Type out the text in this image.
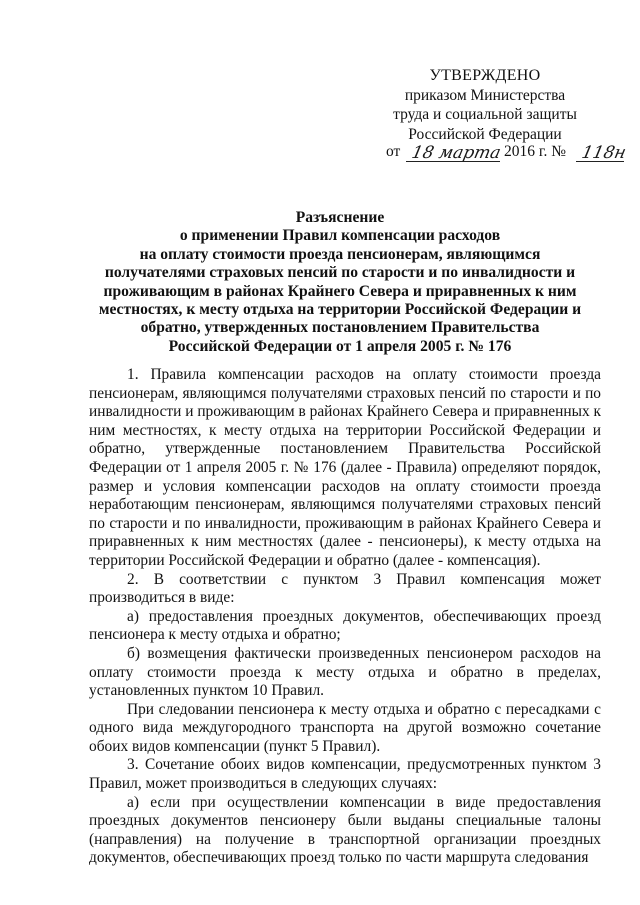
УТВЕРЖДЕНО
приказом Министерства
труда и социальной защиты
Российской Федерации
от 18 марта 2016 г. № 118н
Разъяснение
о применении Правил компенсации расходов
на оплату стоимости проезда пенсионерам, являющимся
получателями страховых пенсий по старости и по инвалидности и
проживающим в районах Крайнего Севера и приравненных к ним
местностях, к месту отдыха на территории Российской Федерации и
обратно, утвержденных постановлением Правительства
Российской Федерации от 1 апреля 2005 г. № 176

1. Правила компенсации расходов на оплату стоимости проезда пенсионерам, являющимся получателями страховых пенсий по старости и по инвалидности и проживающим в районах Крайнего Севера и приравненных к ним местностях, к месту отдыха на территории Российской Федерации и обратно, утвержденные постановлением Правительства Российской Федерации от 1 апреля 2005 г. № 176 (далее - Правила) определяют порядок, размер и условия компенсации расходов на оплату стоимости проезда неработающим пенсионерам, являющимся получателями страховых пенсий по старости и по инвалидности, проживающим в районах Крайнего Севера и приравненных к ним местностях (далее - пенсионеры), к месту отдыха на территории Российской Федерации и обратно (далее - компенсация).

2. В соответствии с пунктом 3 Правил компенсация может производиться в виде:

а) предоставления проездных документов, обеспечивающих проезд пенсионера к месту отдыха и обратно;

б) возмещения фактически произведенных пенсионером расходов на оплату стоимости проезда к месту отдыха и обратно в пределах, установленных пунктом 10 Правил.

При следовании пенсионера к месту отдыха и обратно с пересадками с одного вида междугородного транспорта на другой возможно сочетание обоих видов компенсации (пункт 5 Правил).

3. Сочетание обоих видов компенсации, предусмотренных пунктом 3 Правил, может производиться в следующих случаях:

а) если при осуществлении компенсации в виде предоставления проездных документов пенсионеру были выданы специальные талоны (направления) на получение в транспортной организации проездных документов, обеспечивающих проезд только по части маршрута следования
